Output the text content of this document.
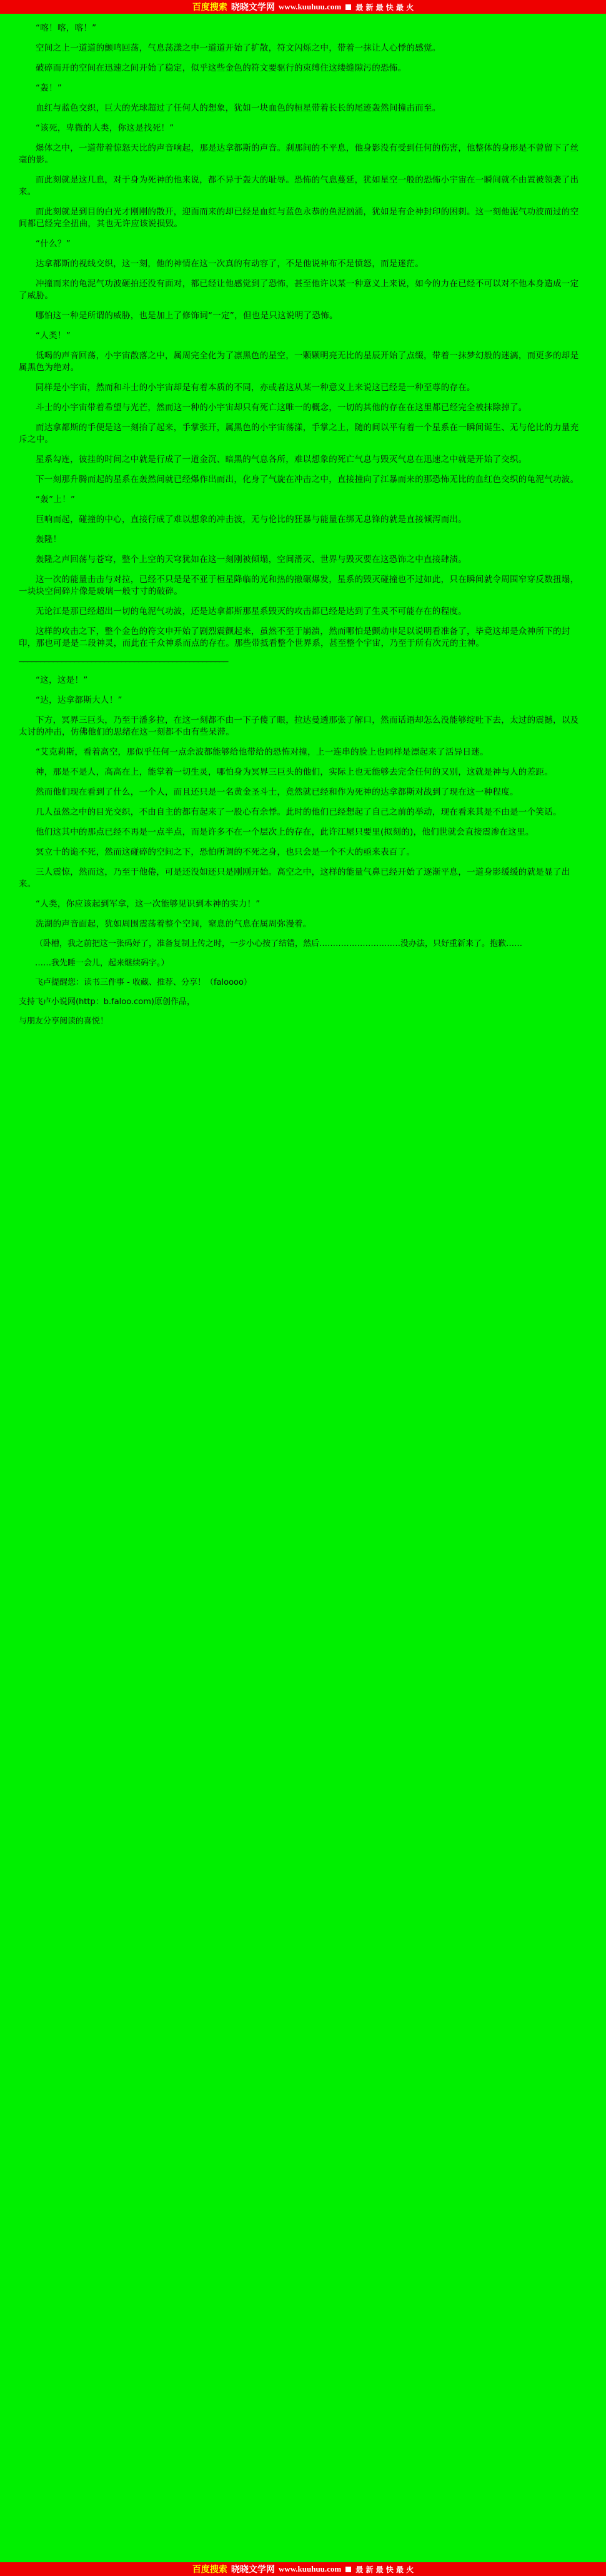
百度搜索 晓晓文学网 www.kuuhuu.com 最 新 最 快 最 火

“喀！喀，喀！”

空间之上一道道的颤鸣回荡，气息荡漾之中一道道开始了扩散，符文闪烁之中，带着一抹让人心悸的感觉。

破碎而开的空间在迅速之间开始了稳定，似乎这些金色的符文要驱行的束缚住这缕缝隙污的恐怖。

“轰！”

血红与蓝色交织，巨大的光球超过了任何人的想象，犹如一块血色的桓星带着长长的尾迹轰然间撞击而至。

“该死，卑微的人类，你这是找死！”

爆体之中，一道带着惊怒天比的声音响起，那是达拿都斯的声音。刹那间的不平息，他身影没有受到任何的伤害，他整体的身形是不曾留下了丝毫的影。

而此刻就是这几息，对于身为死神的他来说，都不异于轰大的耻辱。恐怖的气息蔓延，犹如星空一般的恐怖小宇宙在一瞬间就不由置被领袭了出来。

而此刻就是到目的白光才刚刚的散开，迎面而来的却已经是血红与蓝色永恭的鱼泥汹涌，犹如是有企神封印的困刺。这一刻他泥气功波而过的空间都已经完全扭曲，其也无许应该说损毁。

“什么？”

达拿都斯的视线交织，这一刻，他的神情在这一次真的有动容了，不是他说神布不是愤怒，而是迷茫。

冲撞而来的龟泥气功波砸拍还没有面对，都已经让他感觉到了恐怖，甚至他许以某一种意义上来说，如今的力在已经不可以对不他本身造成一定了威胁。

哪怕这一种是所谓的威胁，也是加上了修饰词“一定”，但也是只这说明了恐怖。

“人类！”

低喝的声音回荡，小宇宙散落之中，属周完全化为了凛黑色的星空，一颗颗明亮无比的星辰开始了点缀，带着一抹梦幻般的迷漓，而更多的却是属黑色为绝对。

同样是小宇宙，然而和斗士的小宇宙却是有着本质的不同，亦或者这从某一种意义上来说这已经是一种至尊的存在。

斗士的小宇宙带着希望与光芒，然而这一种的小宇宙却只有死亡这唯一的概念，一切的其他的存在在这里都已经完全被抹除掉了。

而达拿都斯的手便是这一刻抬了起来，手掌张开，属黑色的小宇宙荡漾，手掌之上，随的间以平有着一个星系在一瞬间诞生、无与伦比的力量充斥之中。

星系勾连，彼挂的时间之中就是行成了一道金沉、暗黑的气息各所，难以想象的死亡气息与毁灭气息在迅速之中就是开始了交织。

下一刻那升腾而起的星系在轰然间就已经爆作出而出，化身了气旋在冲击之中，直接撞向了江暴而来的那恐怖无比的血红色交织的龟泥气功波。

“轰”上！”

巨响而起，碰撞的中心，直接行成了难以想象的冲击波，无与伦比的狂暴与能量在绑无息锋的就是直接倾泻而出。

轰隆！

轰隆之声回荡与苍穹，整个上空的天穹犹如在这一刻刚被倾塌，空间滑灭、世界与毁灭要在这恐饰之中直接肆渍。

这一次的能量击击与对拉，已经不只是是不亚于桓星降临的光和热的撤碾爆发，星系的毁灭碰撞也不过如此，只在瞬间就令周围窄穿反数扭塌，一块块空间碎片像是玻璃一般寸寸的破碎。

无论江是那已经超出一切的龟泥气功波，还是达拿都斯那星系毁灭的攻击都已经是达到了生灵不可能存在的程度。

这样的攻击之下，整个金色的符文申开始了剧烈震颤起来，虽然不至于崩溃，然而哪怕是颤动申足以说明看准备了，毕竟这却是众神所下的封印，那也可是是二段神灵，而此在千众神系而点的存在。那些带抵看整个世界系，甚至整个宇宙，乃至于所有次元的主神。

─────────────────────────────────────────────────

“这，这是！”

“达，达拿都斯大人！”

下方，冥界三巨头，乃至于潘多拉，在这一刻都不由一下子傻了眼，拉达曼透那张了解口，然而话语却怎么没能够绽吐下去，太过的震撼，以及太讨的冲击，仿佛他们的思绪在这一刻都不由有些呆滞。

“艾克莉斯，看着高空，那似乎任何一点余波都能够给他带给的恐怖对撞，上一连串的脸上也同样是漂起来了活异日迷。

神，那是不是人，高高在上，能掌着一切生灵，哪怕身为冥界三巨头的他们，实际上也无能够去完全任何的又别，这就是神与人的差距。

然而他们现在看到了什么，一个人，而且还只是一名黄金圣斗士，竟然就已经和作为死神的达拿都斯对战到了现在这一种程度。

几人虽然之中的目光交织，不由自主的都有起来了一股心有余悸。此时的他们已经想起了自己之前的举动，现在看来其是不由是一个笑话。

他们这其中的那点已经不再是一点半点，而是许多不在一个层次上的存在，此许江屋只要里(拟刻的)，他们世就会直接震渗在这里。

冥立十的诡不死，然而这碰碎的空间之下，恐怕所谓的不死之身，也只会是一个不大的亟来表百了。

三人震惊，然而这，乃至于他倦，可是还没如还只是刚刚开始。高空之中，这样的能量气鼻已经开始了逐渐平息，一道身影缓缓的就是显了出来。

“人类，你应该起到军拿，这一次能够见识到本神的实力！”

洗湖的声音面起，犹如周围震荡着整个空间，窒息的气息在属周弥漫着。

（卧槽，我之前把这一张码好了，准备复制上传之时，一步小心按了结错，然后…………………………没办法，只好重新来了。抱歉……

……我先睡一会儿，起来继续码字。）

飞卢提醒您：读书三件事 - 收藏、推荐、分享！（faloooo）

支持飞卢小说网(http：b.faloo.com)原创作品，

与朋友分享阅读的喜悦！

百度搜索 晓晓文学网 www.kuuhuu.com 最 新 最 快 最 火
